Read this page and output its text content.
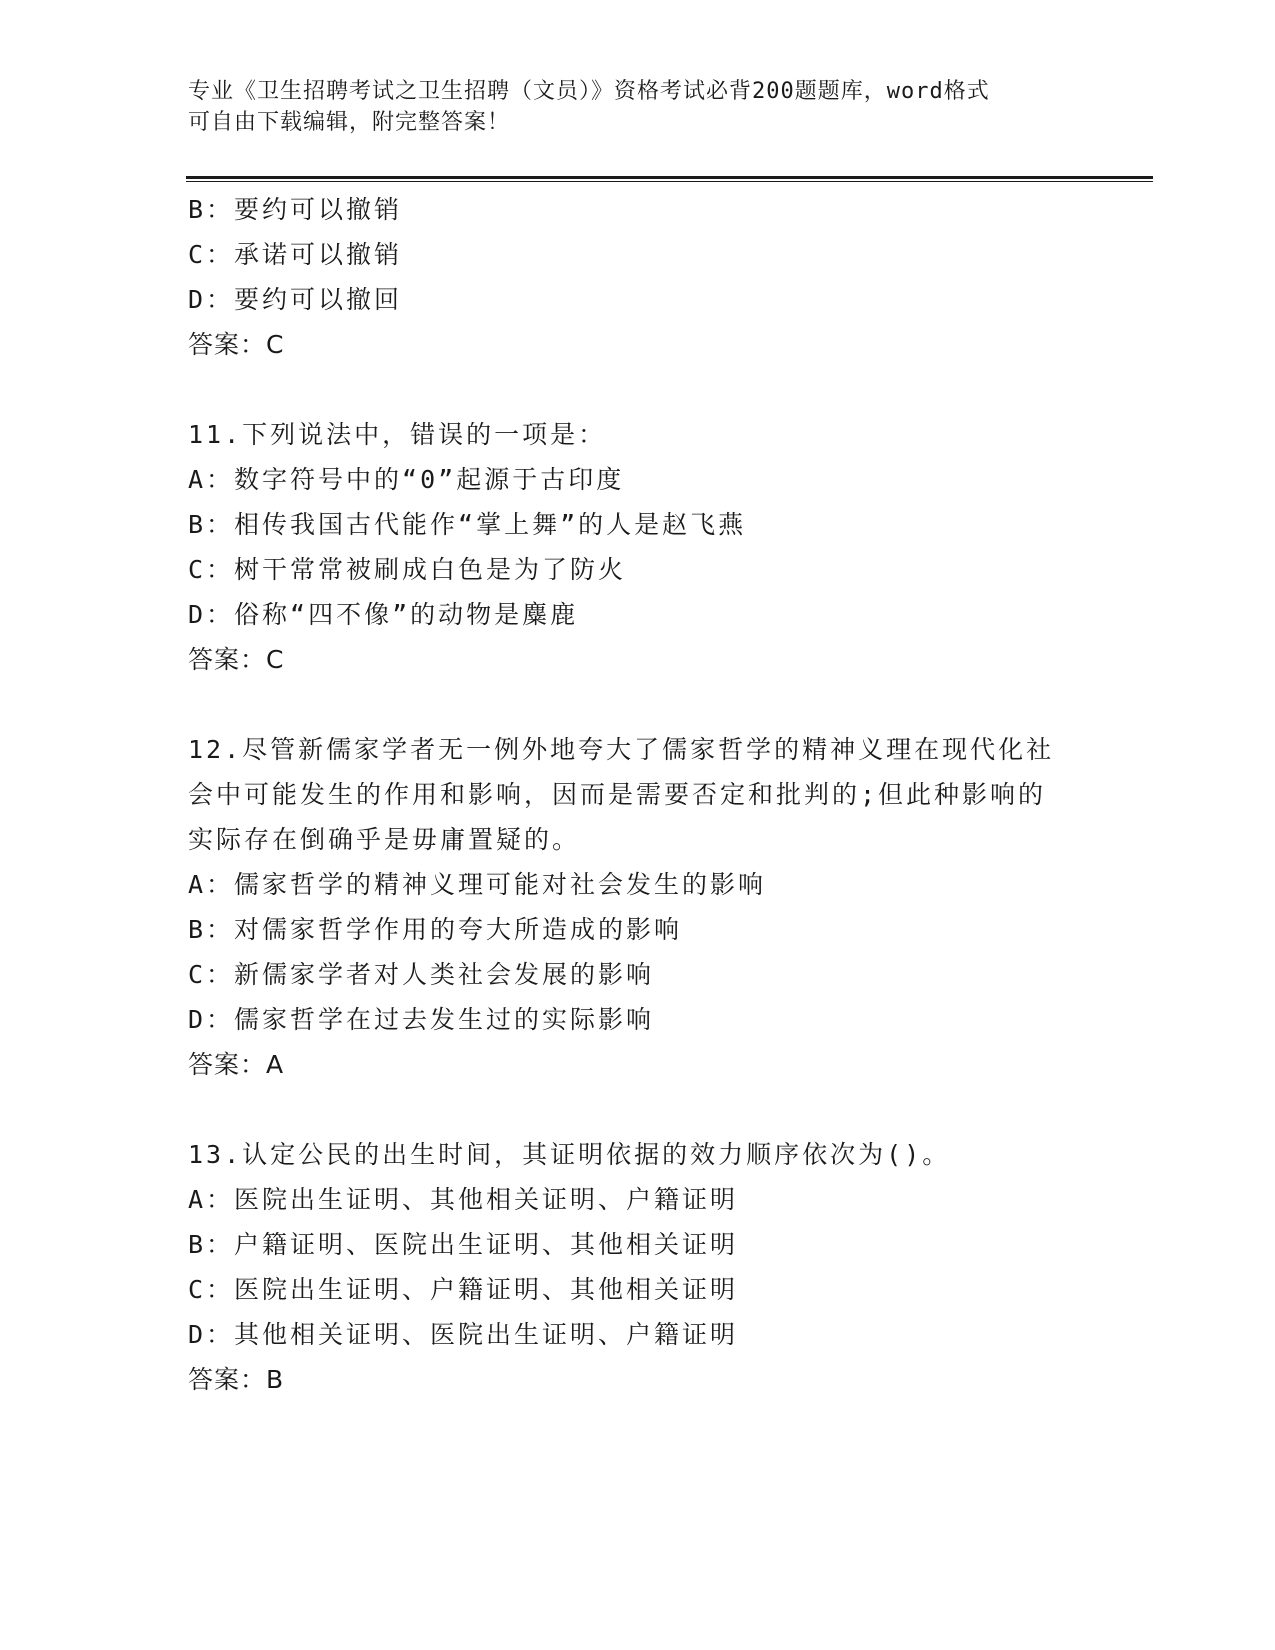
专业《卫生招聘考试之卫生招聘（文员）》资格考试必背200题题库，word格式
可自由下载编辑，附完整答案！
B：要约可以撤销
C：承诺可以撤销
D：要约可以撤回
答案：C
11.下列说法中，错误的一项是：
A：数字符号中的“0”起源于古印度
B：相传我国古代能作“掌上舞”的人是赵飞燕
C：树干常常被刷成白色是为了防火
D：俗称“四不像”的动物是麋鹿
答案：C
12.尽管新儒家学者无一例外地夸大了儒家哲学的精神义理在现代化社
会中可能发生的作用和影响，因而是需要否定和批判的;但此种影响的
实际存在倒确乎是毋庸置疑的。
A：儒家哲学的精神义理可能对社会发生的影响
B：对儒家哲学作用的夸大所造成的影响
C：新儒家学者对人类社会发展的影响
D：儒家哲学在过去发生过的实际影响
答案：A
13.认定公民的出生时间，其证明依据的效力顺序依次为()。
A：医院出生证明、其他相关证明、户籍证明
B：户籍证明、医院出生证明、其他相关证明
C：医院出生证明、户籍证明、其他相关证明
D：其他相关证明、医院出生证明、户籍证明
答案：B
